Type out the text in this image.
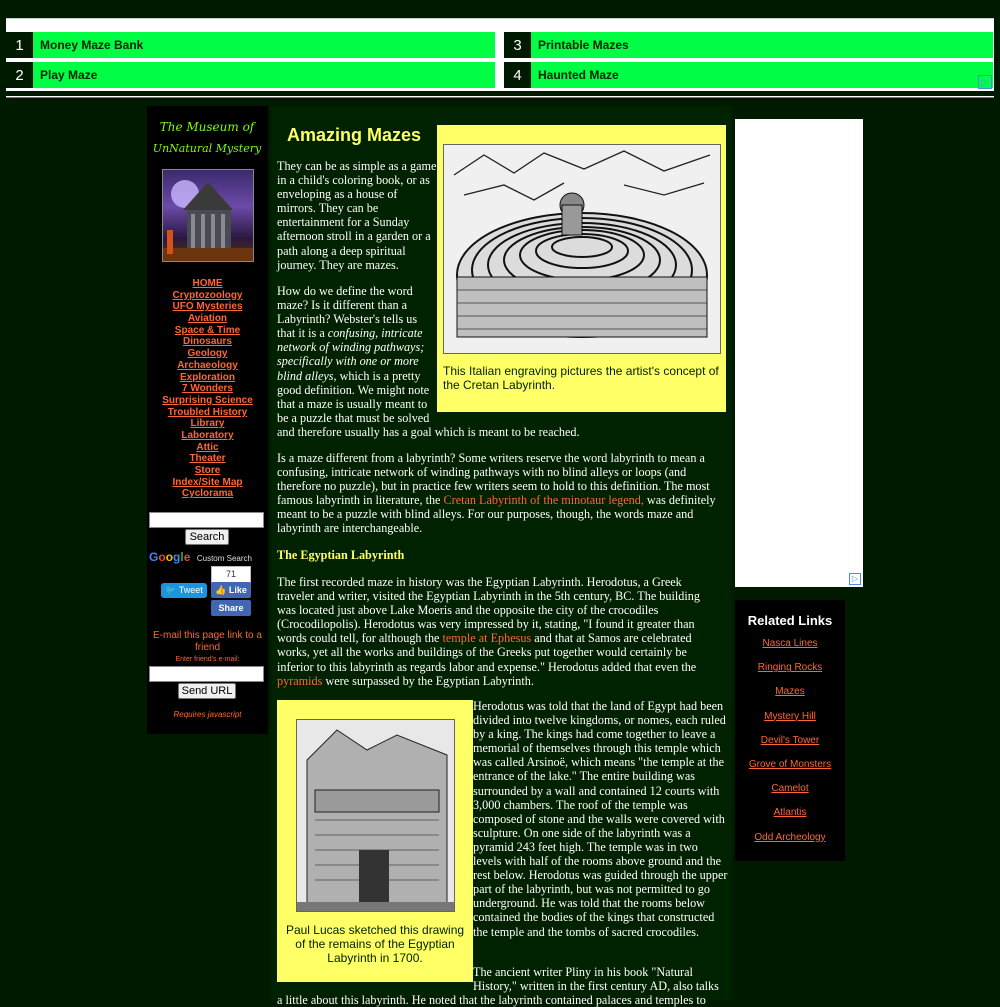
1	Money Maze Bank
2	Play Maze
3	Printable Mazes
4	Haunted Maze	▷
The Museum of
UnNatural Mystery
HOME
Cryptozoology
UFO Mysteries
Aviation
Space & Time
Dinosaurs
Geology
Archaeology
Exploration
7 Wonders
Surprising Science
Troubled History
Library
Laboratory
Attic
Theater
Store
Index/Site Map
Cyclorama
Search
Google Custom Search
🐦 Tweet
71
👍 Like
Share
E-mail this page link to a friend
Enter friend's e-mail:
Send URL
Requires javascript
Amazing Mazes
This Italian engraving pictures the artist's concept of the Cretan Labyrinth.

They can be as simple as a game in a child's coloring book, or as enveloping as a house of mirrors. They can be entertainment for a Sunday afternoon stroll in a garden or a path along a deep spiritual journey. They are mazes.

How do we define the word maze? Is it different than a Labyrinth? Webster's tells us that it is a confusing, intricate network of winding pathways; specifically with one or more blind alleys, which is a pretty good definition. We might note that a maze is usually meant to be a puzzle that must be solved
and therefore usually has a goal which is meant to be reached.

Is a maze different from a labyrinth? Some writers reserve the word labyrinth to mean a confusing, intricate network of winding pathways with no blind alleys or loops (and therefore no puzzle), but in practice few writers seem to hold to this definition. The most famous labyrinth in literature, the Cretan Labyrinth of the minotaur legend, was definitely meant to be a puzzle with blind alleys. For our purposes, though, the words maze and labyrinth are interchangeable.

The Egyptian Labyrinth

The first recorded maze in history was the Egyptian Labyrinth. Herodotus, a Greek traveler and writer, visited the Egyptian Labyrinth in the 5th century, BC. The building was located just above Lake Moeris and the opposite the city of the crocodiles (Crocodilopolis). Herodotus was very impressed by it, stating, "I found it greater than words could tell, for although the temple at Ephesus and that at Samos are celebrated works, yet all the works and buildings of the Greeks put together would certainly be inferior to this labyrinth as regards labor and expense." Herodotus added that even the pyramids were surpassed by the Egyptian Labyrinth.

Paul Lucas sketched this drawing of the remains of the Egyptian Labyrinth in 1700.

Herodotus was told that the land of Egypt had been divided into twelve kingdoms, or nomes, each ruled by a king. The kings had come together to leave a memorial of themselves through this temple which was called Arsinoë, which means "the temple at the entrance of the lake." The entire building was surrounded by a wall and contained 12 courts with 3,000 chambers. The roof of the temple was composed of stone and the walls were covered with sculpture. On one side of the labyrinth was a pyramid 243 feet high. The temple was in two levels with half of the rooms above ground and the rest below. Herodotus was guided through the upper part of the labyrinth, but was not permitted to go underground. He was told that the rooms below contained the bodies of the kings that constructed the temple and the tombs of sacred crocodiles.

The ancient writer Pliny in his book "Natural History," written in the first century AD, also talks

a little about this labyrinth. He noted that the labyrinth contained palaces and temples to

▷
Related Links
Nasca Lines
Ringing Rocks
Mazes
Mystery Hill
Devil's Tower
Grove of Monsters
Camelot
Atlantis
Odd Archeology
